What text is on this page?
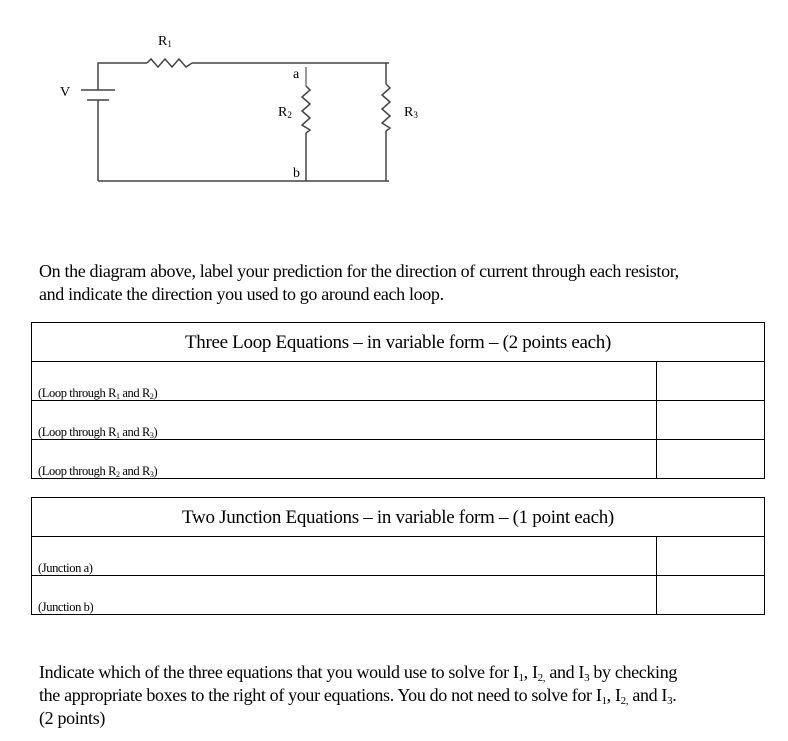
V
$R_1$
$R_2$	$R_3$
a
b
On the diagram above, label your prediction for the direction of current through each resistor,
and indicate the direction you used to go around each loop.
Three Loop Equations – in variable form – (2 points each)
(Loop through $R_1$ and $R_2$)
(Loop through $R_1$ and $R_3$)
(Loop through $R_2$ and $R_3$)
Two Junction Equations – in variable form – (1 point each)
(Junction a)
(Junction b)
Indicate which of the three equations that you would use to solve for $I_1$, $I_{2,}$ and $I_3$ by checking
the appropriate boxes to the right of your equations. You do not need to solve for $I_1$, $I_{2,}$ and $I_3$.
(2 points)
